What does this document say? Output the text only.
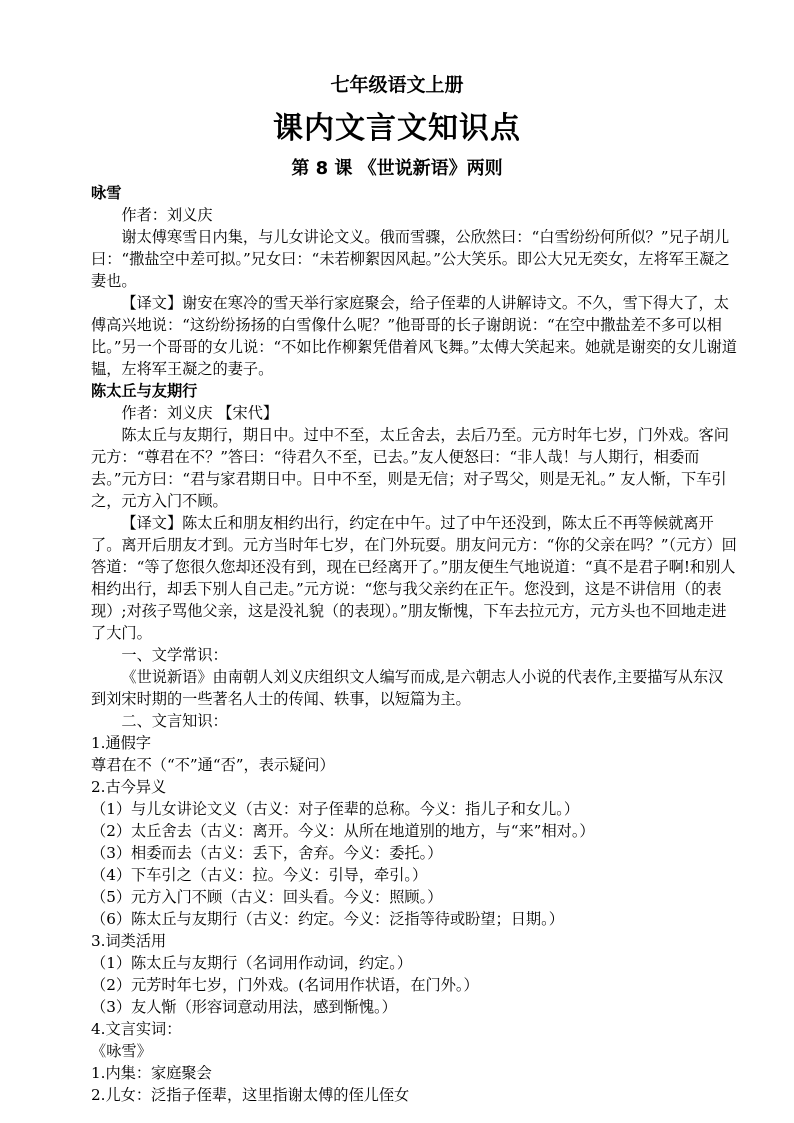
七年级语文上册
课内文言文知识点
第 8 课 《世说新语》两则

咏雪

作者：刘义庆

谢太傅寒雪日内集，与儿女讲论文义。俄而雪骤，公欣然曰：“白雪纷纷何所似？”兄子胡儿曰：“撒盐空中差可拟。”兄女曰：“未若柳絮因风起。”公大笑乐。即公大兄无奕女，左将军王凝之妻也。

【译文】谢安在寒冷的雪天举行家庭聚会，给子侄辈的人讲解诗文。不久，雪下得大了，太傅高兴地说：“这纷纷扬扬的白雪像什么呢？”他哥哥的长子谢朗说：“在空中撒盐差不多可以相比。”另一个哥哥的女儿说：“不如比作柳絮凭借着风飞舞。”太傅大笑起来。她就是谢奕的女儿谢道韫，左将军王凝之的妻子。

陈太丘与友期行

作者：刘义庆 【宋代】

陈太丘与友期行，期日中。过中不至，太丘舍去，去后乃至。元方时年七岁，门外戏。客问元方：“尊君在不？”答曰：“待君久不至，已去。”友人便怒曰：“非人哉！与人期行，相委而去。”元方曰：“君与家君期日中。日中不至，则是无信；对子骂父，则是无礼。” 友人惭，下车引之，元方入门不顾。

【译文】陈太丘和朋友相约出行，约定在中午。过了中午还没到，陈太丘不再等候就离开了。离开后朋友才到。元方当时年七岁，在门外玩耍。朋友问元方：“你的父亲在吗？”（元方）回答道：“等了您很久您却还没有到，现在已经离开了。”朋友便生气地说道：“真不是君子啊!和别人相约出行，却丢下别人自己走。”元方说：“您与我父亲约在正午。您没到，这是不讲信用（的表现）;对孩子骂他父亲，这是没礼貌（的表现）。”朋友惭愧，下车去拉元方，元方头也不回地走进了大门。

一、文学常识：

《世说新语》由南朝人刘义庆组织文人编写而成,是六朝志人小说的代表作,主要描写从东汉到刘宋时期的一些著名人士的传闻、轶事，以短篇为主。

二、文言知识：

1.通假字

尊君在不（“不”通“否”，表示疑问）

2.古今异义

（1）与儿女讲论文义（古义：对子侄辈的总称。今义：指儿子和女儿。）

（2）太丘舍去（古义：离开。今义：从所在地道别的地方，与“来”相对。）

（3）相委而去（古义：丢下，舍弃。今义：委托。）

（4）下车引之（古义：拉。今义：引导，牵引。）

（5）元方入门不顾（古义：回头看。今义：照顾。）

（6）陈太丘与友期行（古义：约定。今义：泛指等待或盼望；日期。）

3.词类活用

（1）陈太丘与友期行（名词用作动词，约定。）

（2）元芳时年七岁，门外戏。(名词用作状语，在门外。）

（3）友人惭（形容词意动用法，感到惭愧。）

4.文言实词：

《咏雪》

1.内集：家庭聚会

2.儿女：泛指子侄辈，这里指谢太傅的侄儿侄女
